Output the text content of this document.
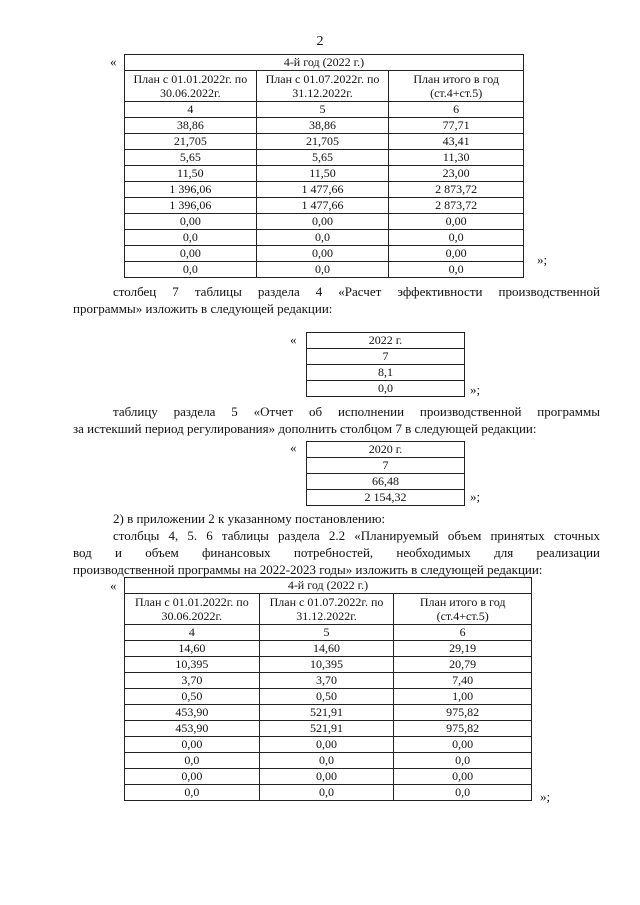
2
«	4-й год (2022 г.)		
План с 01.01.2022г. по 30.06.2022г.	План с 01.07.2022г. по 31.12.2022г.	План итого в год (ст.4+ст.5)
4	5	6
38,86	38,86	77,71
21,705	21,705	43,41
5,65	5,65	11,30
11,50	11,50	23,00
1 396,06	1 477,66	2 873,72
1 396,06	1 477,66	2 873,72
0,00	0,00	0,00
0,0	0,0	0,0
0,00	0,00	0,00
0,0	0,0	0,0
»;
столбец 7 таблицы раздела 4 «Расчет эффективности производственной
программы» изложить в следующей редакции:
«	2022 г.
7
8,1
0,0	»;
таблицу раздела 5 «Отчет об исполнении производственной программы
за истекший период регулирования» дополнить столбцом 7 в следующей редакции:
«	2020 г.
7
66,48
2 154,32	»;
2) в приложении 2 к указанному постановлению:
столбцы 4, 5. 6 таблицы раздела 2.2 «Планируемый объем принятых сточных
вод и объем финансовых потребностей, необходимых для реализации
производственной программы на 2022-2023 годы» изложить в следующей редакции:
«	4-й год (2022 г.)		
План с 01.01.2022г. по 30.06.2022г.	План с 01.07.2022г. по 31.12.2022г.	План итого в год (ст.4+ст.5)
4	5	6
14,60	14,60	29,19
10,395	10,395	20,79
3,70	3,70	7,40
0,50	0,50	1,00
453,90	521,91	975,82
453,90	521,91	975,82
0,00	0,00	0,00
0,0	0,0	0,0
0,00	0,00	0,00
0,0	0,0	0,0	»;
